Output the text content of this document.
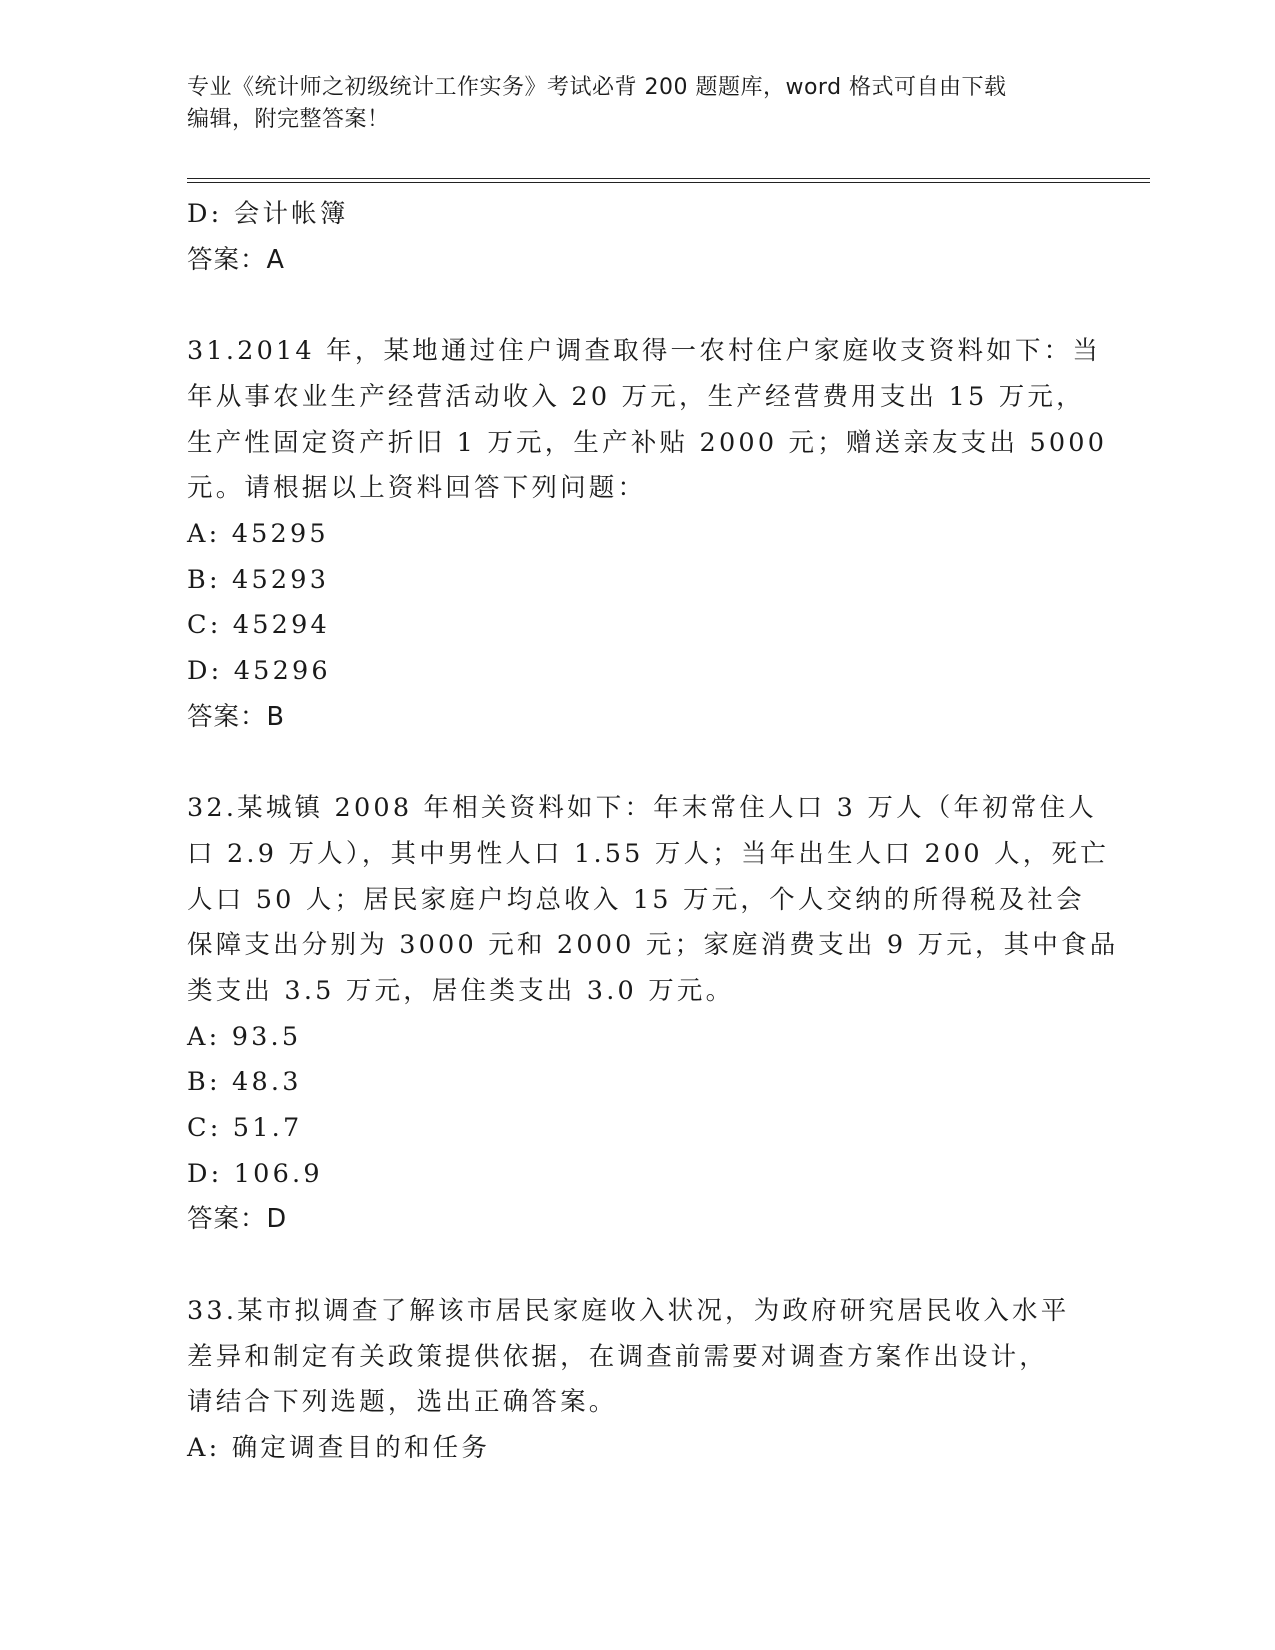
专业《统计师之初级统计工作实务》考试必背 200 题题库，word 格式可自由下载
编辑，附完整答案！
D: 会计帐簿
答案：A
31.2014 年，某地通过住户调查取得一农村住户家庭收支资料如下：当
年从事农业生产经营活动收入 20 万元，生产经营费用支出 15 万元，
生产性固定资产折旧 1 万元，生产补贴 2000 元；赠送亲友支出 5000
元。请根据以上资料回答下列问题：
A: 45295
B: 45293
C: 45294
D: 45296
答案：B
32.某城镇 2008 年相关资料如下：年末常住人口 3 万人（年初常住人
口 2.9 万人），其中男性人口 1.55 万人；当年出生人口 200 人，死亡
人口 50 人；居民家庭户均总收入 15 万元，个人交纳的所得税及社会
保障支出分别为 3000 元和 2000 元；家庭消费支出 9 万元，其中食品
类支出 3.5 万元，居住类支出 3.0 万元。
A: 93.5
B: 48.3
C: 51.7
D: 106.9
答案：D
33.某市拟调查了解该市居民家庭收入状况，为政府研究居民收入水平
差异和制定有关政策提供依据，在调查前需要对调查方案作出设计，
请结合下列选题，选出正确答案。
A: 确定调查目的和任务
